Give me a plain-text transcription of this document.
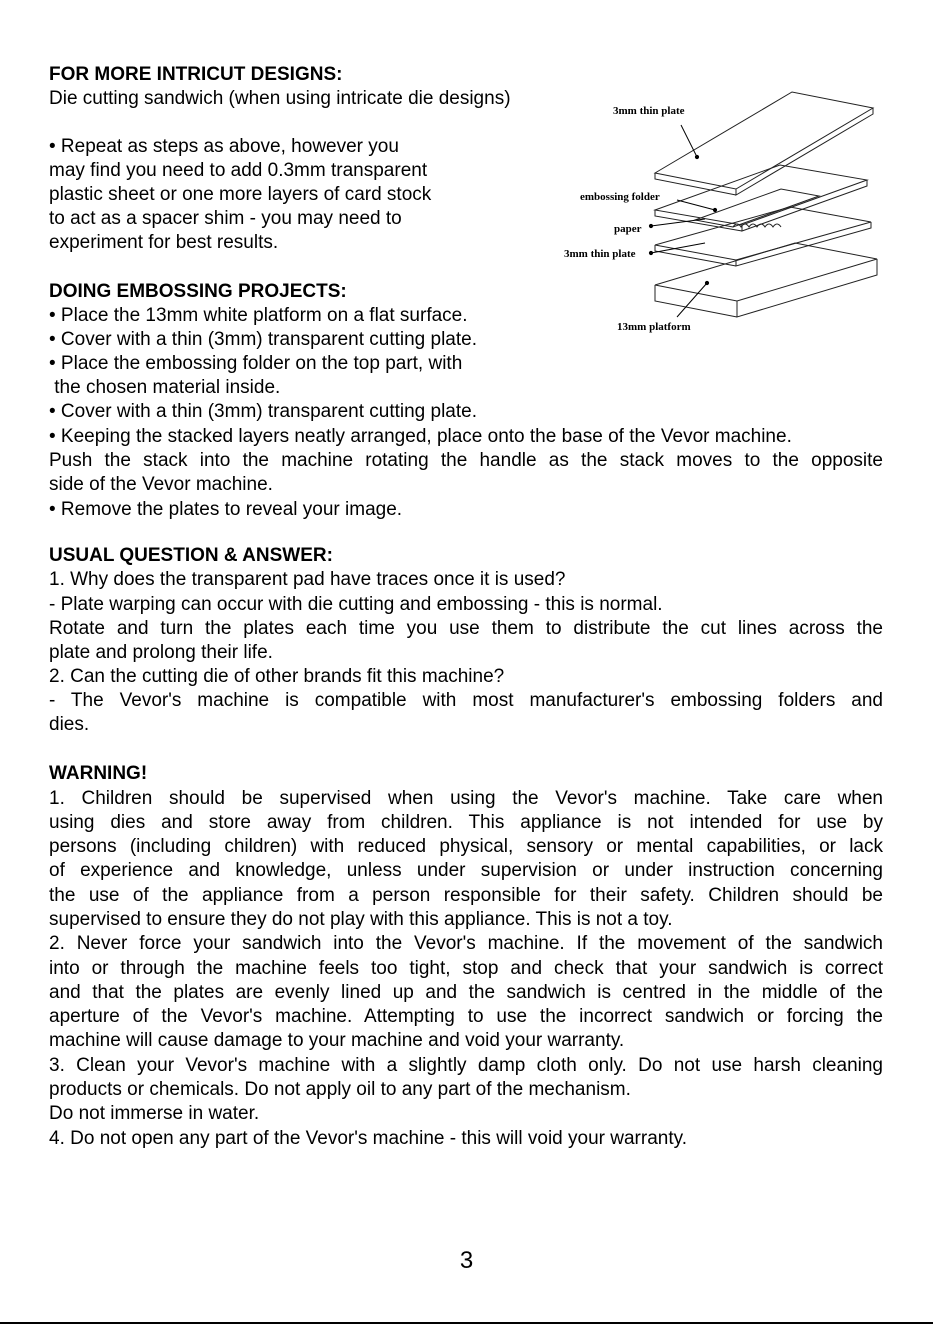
FOR MORE INTRICUT DESIGNS:
Die cutting sandwich (when using intricate die designs)
• Repeat as steps as above, however you
may find you need to add 0.3mm transparent
plastic sheet or one more layers of card stock
to act as a spacer shim - you may need to
experiment for best results.
DOING EMBOSSING PROJECTS:
• Place the 13mm white platform on a flat surface.
• Cover with a thin (3mm) transparent cutting plate.
• Place the embossing folder on the top part, with
the chosen material inside.
• Cover with a thin (3mm) transparent cutting plate.
• Keeping the stacked layers neatly arranged, place onto the base of the Vevor machine.
Push the stack into the machine rotating the handle as the stack moves to the opposite
side of the Vevor machine.
• Remove the plates to reveal your image.
USUAL QUESTION & ANSWER:
1. Why does the transparent pad have traces once it is used?
- Plate warping can occur with die cutting and embossing - this is normal.
Rotate and turn the plates each time you use them to distribute the cut lines across the
plate and prolong their life.
2. Can the cutting die of other brands fit this machine?
- The Vevor's machine is compatible with most manufacturer's embossing folders and
dies.
WARNING!
1. Children should be supervised when using the Vevor's machine. Take care when
using dies and store away from children. This appliance is not intended for use by
persons (including children) with reduced physical, sensory or mental capabilities, or lack
of experience and knowledge, unless under supervision or under instruction concerning
the use of the appliance from a person responsible for their safety. Children should be
supervised to ensure they do not play with this appliance. This is not a toy.
2. Never force your sandwich into the Vevor's machine. If the movement of the sandwich
into or through the machine feels too tight, stop and check that your sandwich is correct
and that the plates are evenly lined up and the sandwich is centred in the middle of the
aperture of the Vevor's machine. Attempting to use the incorrect sandwich or forcing the
machine will cause damage to your machine and void your warranty.
3. Clean your Vevor's machine with a slightly damp cloth only. Do not use harsh cleaning
products or chemicals. Do not apply oil to any part of the mechanism.
Do not immerse in water.
4. Do not open any part of the Vevor's machine - this will void your warranty.
3mm thin plate
embossing folder
paper
3mm thin plate
13mm platform
3
